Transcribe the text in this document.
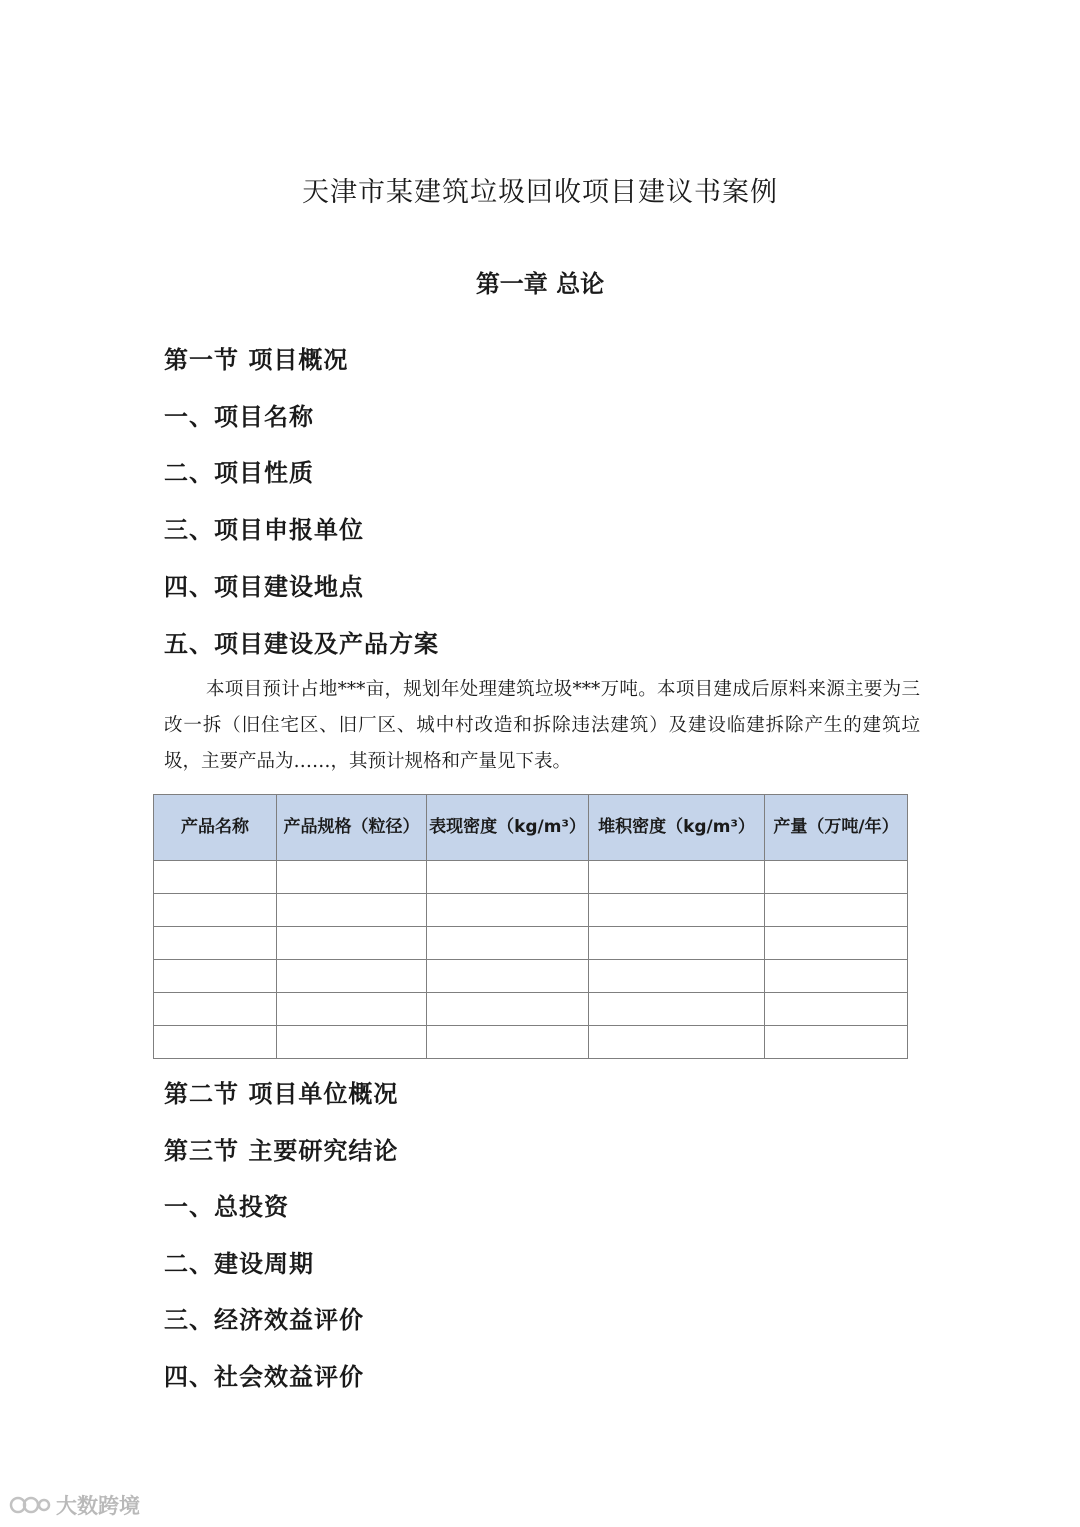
天津市某建筑垃圾回收项目建议书案例
第一章 总论
第一节 项目概况
一、项目名称
二、项目性质
三、项目申报单位
四、项目建设地点
五、项目建设及产品方案

本项目预计占地***亩，规划年处理建筑垃圾***万吨。本项目建成后原料来源主要为三改一拆（旧住宅区、旧厂区、城中村改造和拆除违法建筑）及建设临建拆除产生的建筑垃圾，主要产品为……，其预计规格和产量见下表。

产品名称	产品规格（粒径）	表现密度（kg/m³）	堆积密度（kg/m³）	产量（万吨/年）

第二节 项目单位概况
第三节 主要研究结论
一、总投资
二、建设周期
三、经济效益评价
四、社会效益评价
大数跨境
